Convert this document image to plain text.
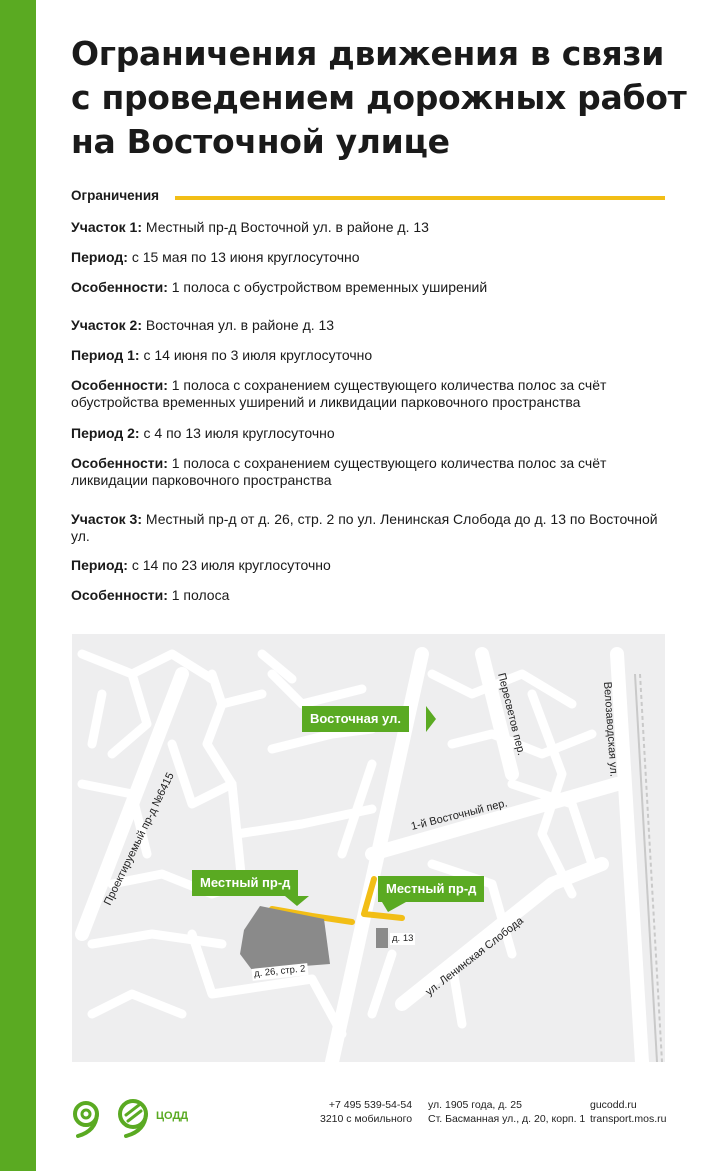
Ограничения движения в связи с проведением дорожных работ на Восточной улице
Ограничения

Участок 1: Местный пр-д Восточной ул. в районе д. 13

Период: с 15 мая по 13 июня круглосуточно

Особенности: 1 полоса с обустройством временных уширений

Участок 2: Восточная ул. в районе д. 13

Период 1: с 14 июня по 3 июля круглосуточно

Особенности: 1 полоса с сохранением существующего количества полос за счёт обустройства временных уширений и ликвидации парковочного пространства

Период 2: с 4 по 13 июля круглосуточно

Особенности: 1 полоса с сохранением существующего количества полос за счёт ликвидации парковочного пространства

Участок 3: Местный пр-д от д. 26, стр. 2 по ул. Ленинская Слобода до д. 13 по Восточной ул.

Период: с 14 по 23 июля круглосуточно

Особенности: 1 полоса

Проектируемый пр-д №6415
Пересветов пер.	Велозаводская ул.
1-й Восточный пер.
ул. Ленинская Слобода
Восточная ул.
Местный пр-д	Местный пр-д
д. 26, стр. 2
д. 13
ЦОДД
+7 495 539-54-54
3210 с мобильного
ул. 1905 года, д. 25
Ст. Басманная ул., д. 20, корп. 1
gucodd.ru
transport.mos.ru
